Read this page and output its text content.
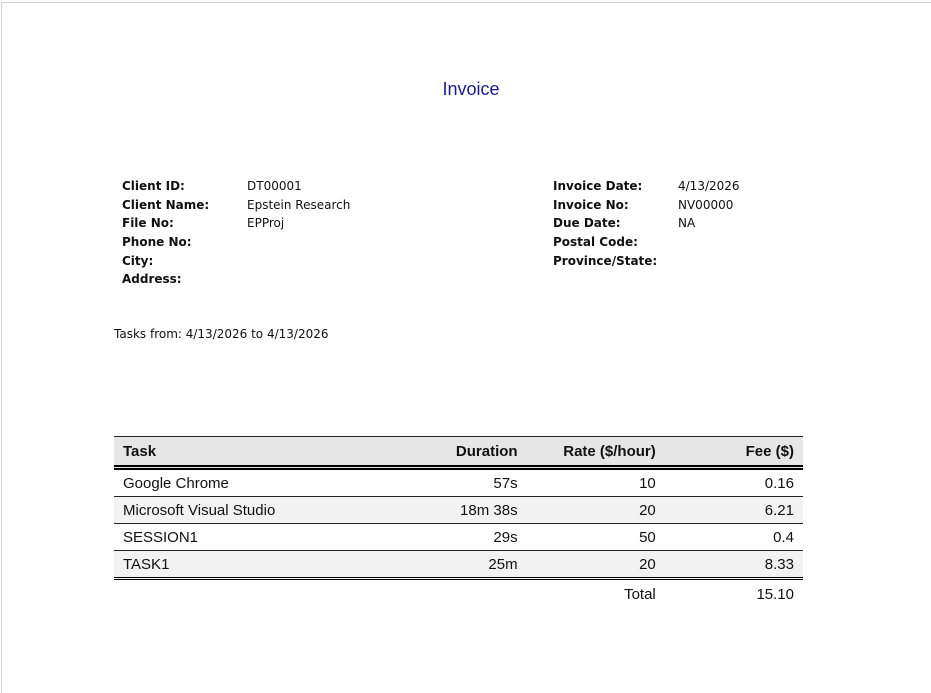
Invoice
Client ID:	DT00001
Client Name:	Epstein Research
File No:	EPProj
Phone No:
City:
Address:
Invoice Date:	4/13/2026
Invoice No:	NV00000
Due Date:	NA
Postal Code:
Province/State:
Tasks from: 4/13/2026 to 4/13/2026
Task	Duration	Rate ($/hour)	Fee ($)
Google Chrome	57s	10	0.16
Microsoft Visual Studio	18m 38s	20	6.21
SESSION1	29s	50	0.4
TASK1	25m	20	8.33
		Total	15.10
